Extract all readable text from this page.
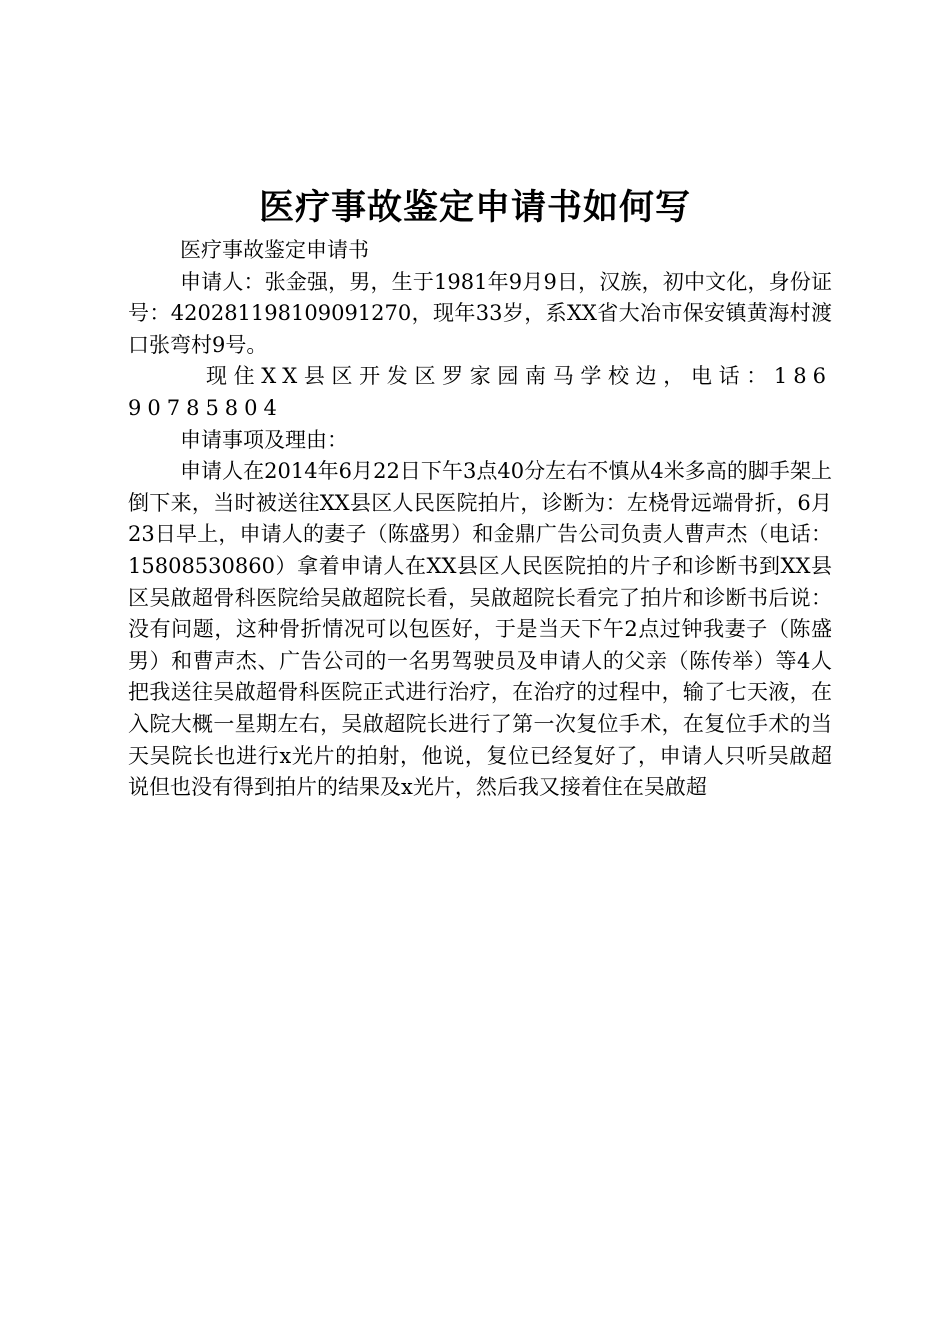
医疗事故鉴定申请书如何写

医疗事故鉴定申请书

申请人：张金强，男，生于1981年9月9日，汉族，初中文化，身份证号：420281198109091270，现年33岁，系XX省大冶市保安镇黄海村渡口张弯村9号。

现住XX县区开发区罗家园南马学校边，电话：18690785804

申请事项及理由：

申请人在2014年6月22日下午3点40分左右不慎从4米多高的脚手架上倒下来，当时被送往XX县区人民医院拍片，诊断为：左桡骨远端骨折，6月23日早上，申请人的妻子（陈盛男）和金鼎广告公司负责人曹声杰（电话：15808530860）拿着申请人在XX县区人民医院拍的片子和诊断书到XX县区吴啟超骨科医院给吴啟超院长看，吴啟超院长看完了拍片和诊断书后说：没有问题，这种骨折情况可以包医好，于是当天下午2点过钟我妻子（陈盛男）和曹声杰、广告公司的一名男驾驶员及申请人的父亲（陈传举）等4人把我送往吴啟超骨科医院正式进行治疗，在治疗的过程中，输了七天液，在入院大概一星期左右，吴啟超院长进行了第一次复位手术，在复位手术的当天吴院长也进行x光片的拍射，他说，复位已经复好了，申请人只听吴啟超说但也没有得到拍片的结果及x光片，然后我又接着住在吴啟超
